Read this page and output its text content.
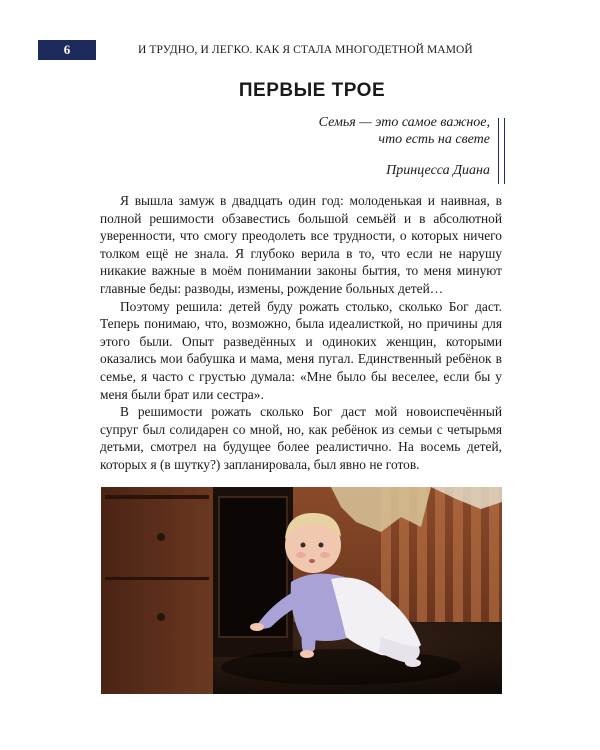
6	И ТРУДНО, И ЛЕГКО. КАК Я СТАЛА МНОГОДЕТНОЙ МАМОЙ
ПЕРВЫЕ ТРОЕ
Семья — это самое важное,
что есть на свете
Принцесса Диана

Я вышла замуж в двадцать один год: молоденькая и наивная, в полной решимости обзавестись большой семьёй и в абсолютной уверенности, что смогу преодолеть все трудности, о которых ничего толком ещё не знала. Я глубоко верила в то, что если не нарушу никакие важные в моём понимании законы бытия, то меня минуют главные беды: разводы, измены, рождение больных детей…

Поэтому решила: детей буду рожать столько, сколько Бог даст. Теперь понимаю, что, возможно, была идеалисткой, но причины для этого были. Опыт разведённых и одиноких женщин, которыми оказались мои бабушка и мама, меня пугал. Единственный ребёнок в семье, я часто с грустью думала: «Мне было бы веселее, если бы у меня были брат или сестра».

В решимости рожать сколько Бог даст мой новоиспечённый супруг был солидарен со мной, но, как ребёнок из семьи с четырьмя детьми, смотрел на будущее более реалистично. На восемь детей, которых я (в шутку?) запланировала, был явно не готов.
